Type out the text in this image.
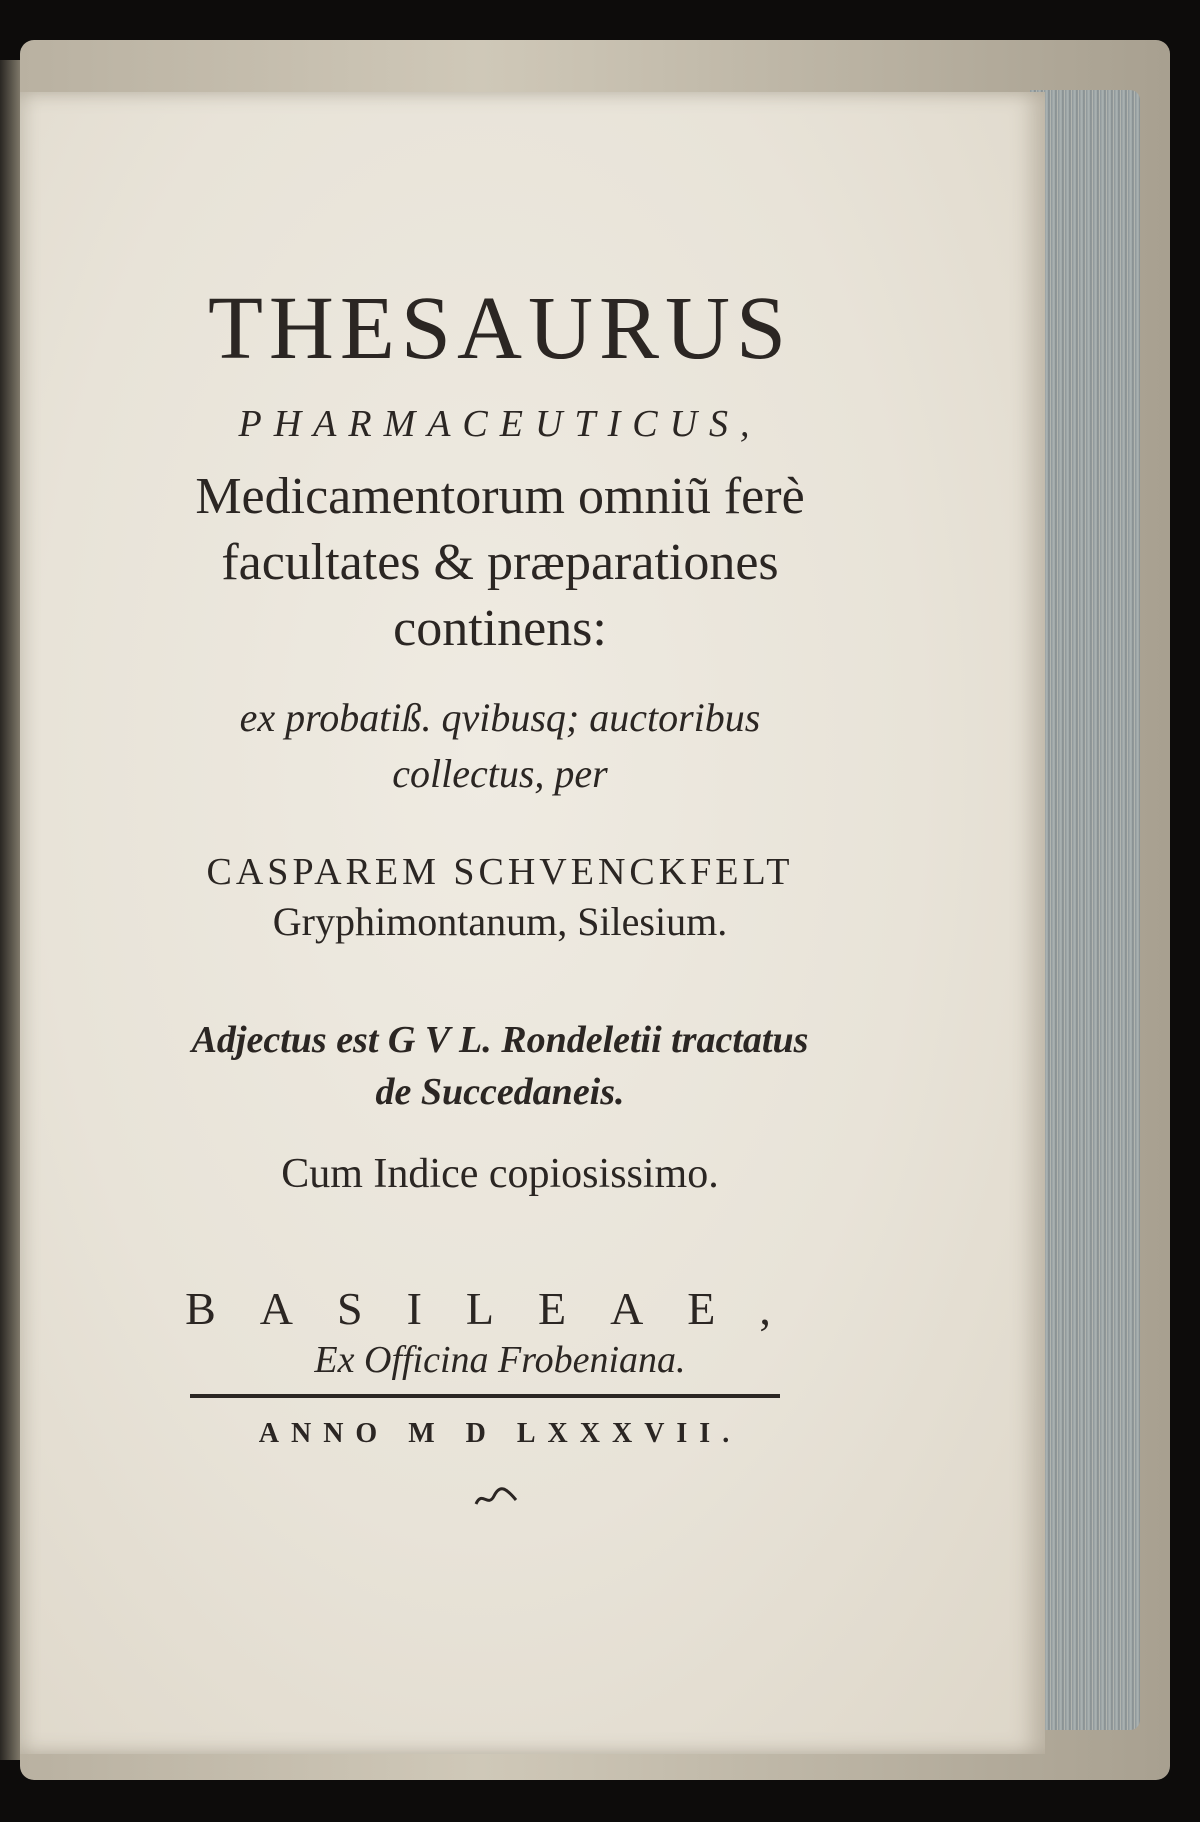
THESAURUS
PHARMACEUTICUS,
Medicamentorum omniũ ferè
facultates & præparationes
continens:
ex probatiß. qvibusq; auctoribus
collectus, per
CASPAREM SCHVENCKFELT
Gryphimontanum, Silesium.
Adjectus est G V L. Rondeletii tractatus
de Succedaneis.
Cum Indice copiosissimo.
BASILEAE,
Ex Officina Frobeniana.
ANNO M D LXXXVII.
